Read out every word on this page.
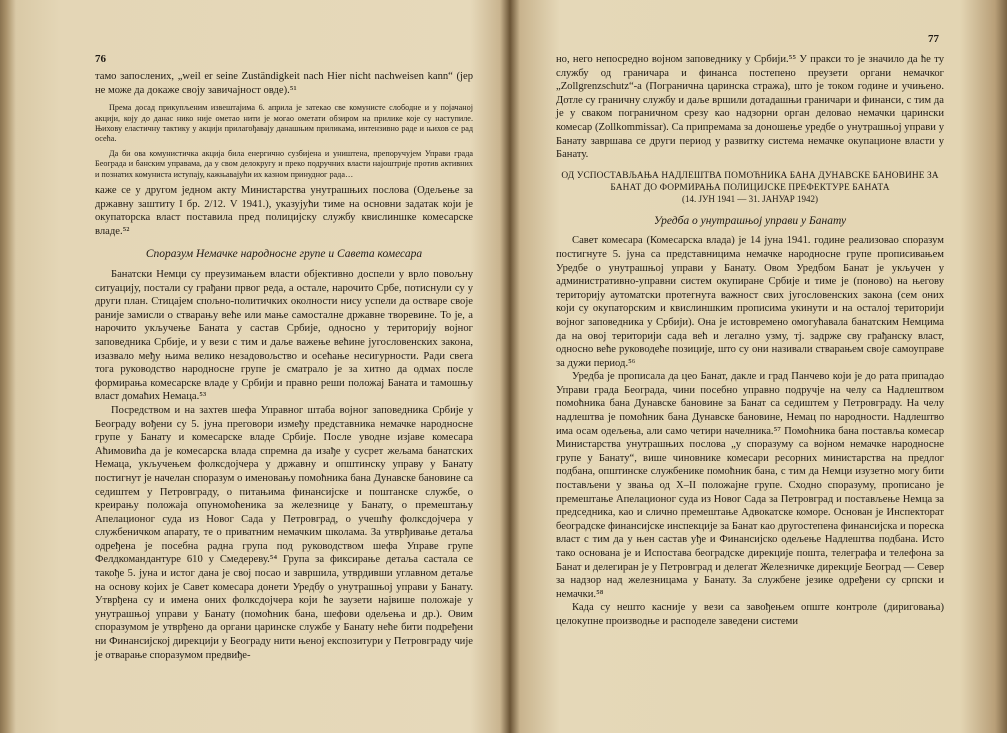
76

тамо запослених, „weil er seine Zuständigkeit nach Hier nicht nachweisen kann“ (јер не може да докаже своју завичајност овде).⁵¹

Према досад прикупљеним извештајима 6. априла је затекао све комунисте слободне и у појачаној акцији, коју до данас нико није ометао нити је могао ометати обзиром на прилике које су наступиле. Њихову еластичну тактику у акцији прилагођавају данашњим приликама, интензивно раде и њихов се рад осећа.

Да би ова комунистичка акција била енергично сузбијена и уништена, препоручујем Управи града Београда и банским управама, да у свом делокругу и преко подручних власти најоштрије против активних и познатих комуниста иступају, кажњавајући их казном принудног рада…

каже се у другом једном акту Министарства унутрашњих послова (Одељење за државну заштиту I бр. 2/12. V 1941.), указујући тиме на основни задатак који је окупаторска власт поставила пред полицијску службу квислиншке комесарске владе.⁵²

Споразум Немачке народносне групе и Савета комесара

Банатски Немци су преузимањем власти објективно доспели у врло повољну ситуацију, постали су грађани првог реда, а остале, нарочито Србе, потиснули су у други план. Стицајем спољно-политичких околности нису успели да остваре своје раније замисли о стварању веће или мање самосталне државне творевине. То је, а нарочито укључење Баната у састав Србије, односно у територију војног заповедника Србије, и у вези с тим и даље важење већине југословенских закона, изазвало међу њима велико незадовољство и осећање несигурности. Ради свега тога руководство народносне групе је сматрало је за хитно да одмах после формирања комесарске владе у Србији и правно реши положај Баната и тамошњу власт домаћих Немаца.⁵³

Посредством и на захтев шефа Управног штаба војног заповедника Србије у Београду вођени су 5. јуна преговори између представника немачке народносне групе у Банату и комесарске владе Србије. После уводне изјаве комесара Аћимовића да је комесарска влада спремна да изађе у сусрет жељама банатских Немаца, укључењем фолксдојчера у државну и општинску управу у Банату постигнут је начелан споразум о именовању помоћника бана Дунавске бановине са седиштем у Петровграду, о питањима финансијске и поштанске службе, о креирању положаја опуномоћеника за железнице у Банату, о премештању Апелационог суда из Новог Сада у Петровград, о учешћу фолксдојчера у службеничком апарату, те о приватним немачким школама. За утврђивање детаља одређена је посебна радна група под руководством шефа Управе групе Фелдкомандантуре 610 у Смедереву.⁵⁴ Група за фиксирање детаља састала се такође 5. јуна и истог дана је свој посао и завршила, утврдивши углавном детаље на основу којих је Савет комесара донети Уредбу о унутрашњој управи у Банату. Утврђена су и имена оних фолксдојчера који ће заузети највише положаје у унутрашњој управи у Банату (помоћник бана, шефови одељења и др.). Овим споразумом је утврђено да органи царинске службе у Банату неће бити подређени ни Финансијској дирекцији у Београду нити њеној експозитури у Петровграду чије је отварање споразумом предвиђе-

77

но, него непосредно војном заповеднику у Србији.⁵⁵ У пракси то је значило да ће ту службу од граничара и финанса постепено преузети органи немачког „Zollgrenzschutz“-а (Погранична царинска стража), што је током године и учињено. Дотле су граничну службу и даље вршили дотадашњи граничари и финанси, с тим да је у сваком пограничном срезу као надзорни орган деловао немачки царински комесар (Zollkommissar). Са припремама за доношење уредбе о унутрашњој управи у Банату завршава се други период у развитку система немачке окупационе власти у Банату.

ОД УСПОСТАВЉАЊА НАДЛЕШТВА ПОМОЋНИКА БАНА ДУНАВСКЕ БАНОВИНЕ ЗА БАНАТ ДО ФОРМИРАЊА ПОЛИЦИЈСКЕ ПРЕФЕКТУРЕ БАНАТА

(14. ЈУН 1941 — 31. ЈАНУАР 1942)

Уредба о унутрашњој управи у Банату

Савет комесара (Комесарска влада) је 14 јуна 1941. године реализовао споразум постигнуте 5. јуна са представницима немачке народносне групе прописивањем Уредбе о унутрашњој управи у Банату. Овом Уредбом Банат је укључен у административно-управни систем окупиране Србије и тиме је (поново) на његову територију аутоматски протегнута важност свих југословенских закона (сем оних који су окупаторским и квислиншким прописима укинути и на осталој територији војног заповедника у Србији). Она је истовремено омогућавала банатским Немцима да на овој територији сада већ и легално узму, тј. задрже сву грађанску власт, односно веће руководеће позиције, што су они називали стварањем своје самоуправе за дужи период.⁵⁶

Уредба је прописала да цео Банат, дакле и град Панчево који је до рата припадао Управи града Београда, чини посебно управно подручје на челу са Надлештвом помоћника бана Дунавске бановине за Банат са седиштем у Петровграду. На челу надлештва је помоћник бана Дунавске бановине, Немац по народности. Надлештво има осам одељења, али само четири начелника.⁵⁷ Помоћника бана поставља комесар Министарства унутрашњих послова „у споразуму са војном немачке народносне групе у Банату“, више чиновнике комесари ресорних министарства на предлог подбана, општинске службенике помоћник бана, с тим да Немци изузетно могу бити постављени у звања од X–II положајне групе. Сходно споразуму, прописано је премештање Апелационог суда из Новог Сада за Петровград и постављење Немца за председника, као и слично премештање Адвокатске коморе. Основан је Инспекторат београдске финансијске инспекције за Банат као другостепена финансијска и пореска власт с тим да у њен састав уђе и Финансијско одељење Надлештва подбана. Исто тако основана је и Испостава београдске дирекције пошта, телеграфа и телефона за Банат и делегиран је у Петровград и делегат Железничке дирекције Београд — Север за надзор над железницама у Банату. За службене језике одређени су српски и немачки.⁵⁸

Када су нешто касније у вези са завођењем опште контроле (дириговања) целокупне производње и расподеле заведени системи
